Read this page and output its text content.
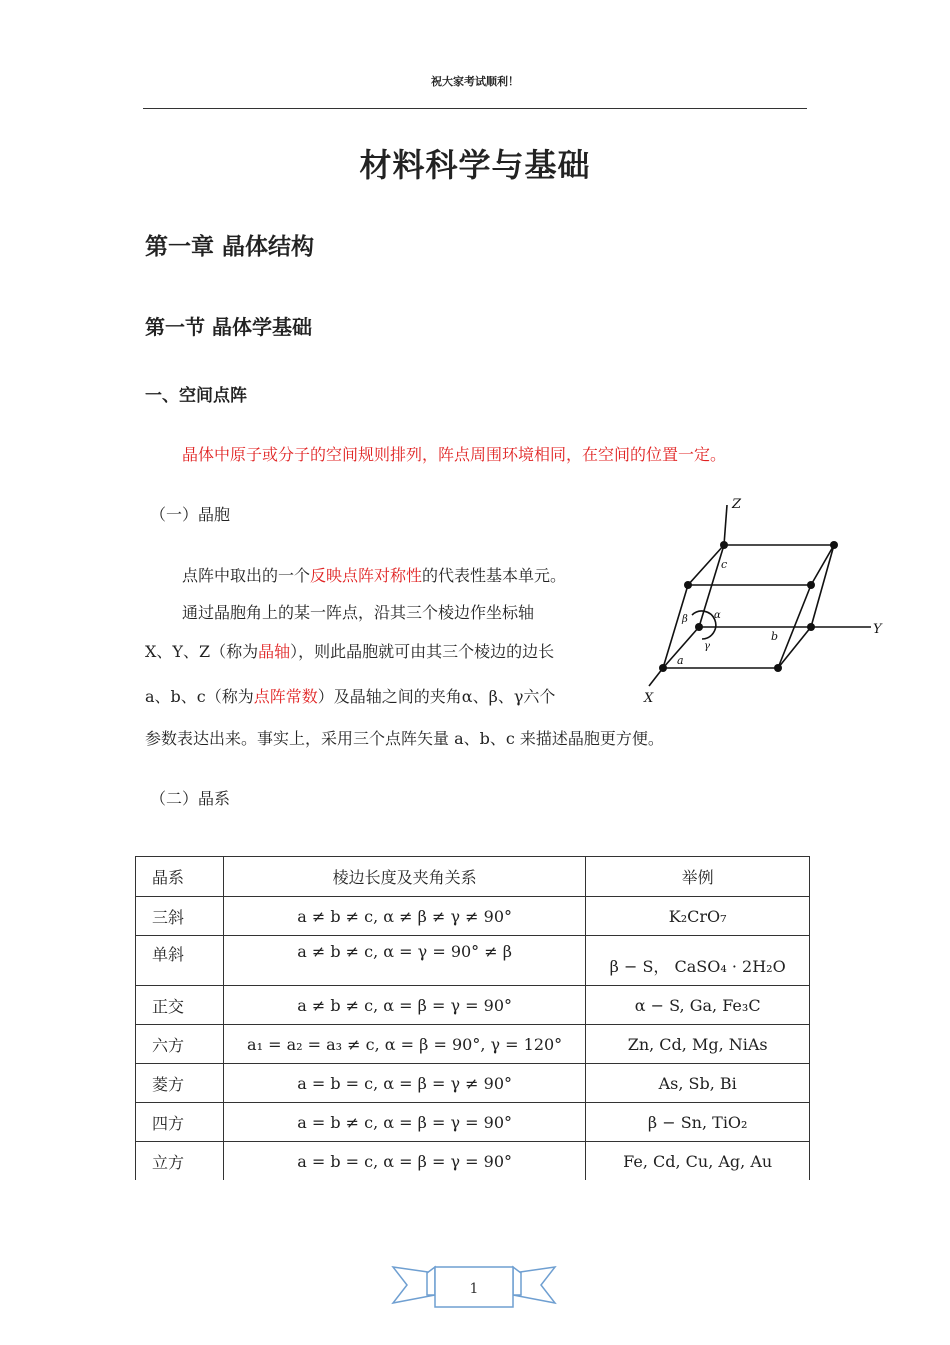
祝大家考试顺利！
材料科学与基础
第一章 晶体结构
第一节 晶体学基础
一、空间点阵
晶体中原子或分子的空间规则排列，阵点周围环境相同，在空间的位置一定。
（一）晶胞
点阵中取出的一个反映点阵对称性的代表性基本单元。
通过晶胞角上的某一阵点，沿其三个棱边作坐标轴
X、Y、Z（称为晶轴），则此晶胞就可由其三个棱边的边长
a、b、c（称为点阵常数）及晶轴之间的夹角α、β、γ六个
参数表达出来。事实上，采用三个点阵矢量 a、b、c 来描述晶胞更方便。
Z
Y
X
c
b
a
α
β
γ
（二）晶系
晶系	棱边长度及夹角关系	举例
三斜	a ≠ b ≠ c, α ≠ β ≠ γ ≠ 90°	K₂CrO₇
单斜	a ≠ b ≠ c, α = γ = 90° ≠ β	β − S， CaSO₄ · 2H₂O
正交	a ≠ b ≠ c, α = β = γ = 90°	α − S, Ga, Fe₃C
六方	a₁ = a₂ = a₃ ≠ c, α = β = 90°, γ = 120°	Zn, Cd, Mg, NiAs
菱方	a = b = c, α = β = γ ≠ 90°	As, Sb, Bi
四方	a = b ≠ c, α = β = γ = 90°	β − Sn, TiO₂
立方	a = b = c, α = β = γ = 90°	Fe, Cd, Cu, Ag, Au
1
